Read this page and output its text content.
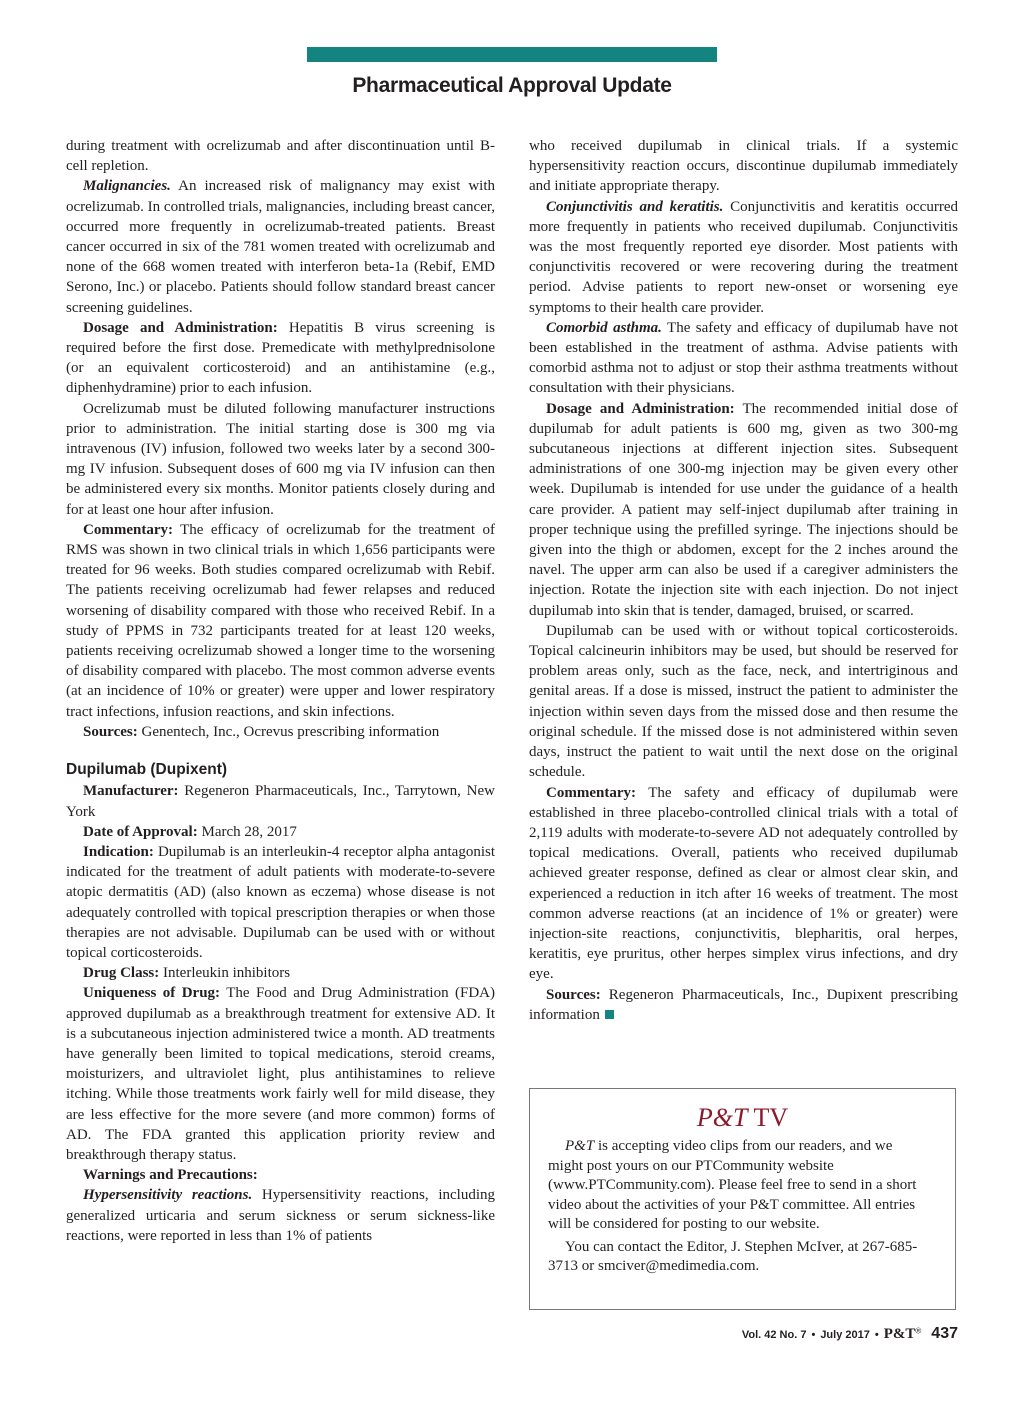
Pharmaceutical Approval Update

during treatment with ocrelizumab and after discontinuation until B-cell repletion.

Malignancies. An increased risk of malignancy may exist with ocrelizumab. In controlled trials, malignancies, including breast cancer, occurred more frequently in ocrelizumab-treated patients. Breast cancer occurred in six of the 781 women treated with ocrelizumab and none of the 668 women treated with interferon beta-1a (Rebif, EMD Serono, Inc.) or placebo. Patients should follow standard breast cancer screening guidelines.

Dosage and Administration: Hepatitis B virus screening is required before the first dose. Premedicate with methylprednisolone (or an equivalent corticosteroid) and an antihistamine (e.g., diphenhydramine) prior to each infusion.

Ocrelizumab must be diluted following manufacturer instructions prior to administration. The initial starting dose is 300 mg via intravenous (IV) infusion, followed two weeks later by a second 300-mg IV infusion. Subsequent doses of 600 mg via IV infusion can then be administered every six months. Monitor patients closely during and for at least one hour after infusion.

Commentary: The efficacy of ocrelizumab for the treatment of RMS was shown in two clinical trials in which 1,656 participants were treated for 96 weeks. Both studies compared ocrelizumab with Rebif. The patients receiving ocrelizumab had fewer relapses and reduced worsening of disability compared with those who received Rebif. In a study of PPMS in 732 participants treated for at least 120 weeks, patients receiving ocrelizumab showed a longer time to the worsening of disability compared with placebo. The most common adverse events (at an incidence of 10% or greater) were upper and lower respiratory tract infections, infusion reactions, and skin infections.

Sources: Genentech, Inc., Ocrevus prescribing information

Dupilumab (Dupixent)

Manufacturer: Regeneron Pharmaceuticals, Inc., Tarrytown, New York

Date of Approval: March 28, 2017

Indication: Dupilumab is an interleukin-4 receptor alpha antagonist indicated for the treatment of adult patients with moderate-to-severe atopic dermatitis (AD) (also known as eczema) whose disease is not adequately controlled with topical prescription therapies or when those therapies are not advisable. Dupilumab can be used with or without topical corticosteroids.

Drug Class: Interleukin inhibitors

Uniqueness of Drug: The Food and Drug Administration (FDA) approved dupilumab as a breakthrough treatment for extensive AD. It is a subcutaneous injection administered twice a month. AD treatments have generally been limited to topical medications, steroid creams, moisturizers, and ultraviolet light, plus antihistamines to relieve itching. While those treatments work fairly well for mild disease, they are less effective for the more severe (and more common) forms of AD. The FDA granted this application priority review and breakthrough therapy status.

Warnings and Precautions:

Hypersensitivity reactions. Hypersensitivity reactions, including generalized urticaria and serum sickness or serum sickness-like reactions, were reported in less than 1% of patients

who received dupilumab in clinical trials. If a systemic hypersensitivity reaction occurs, discontinue dupilumab immediately and initiate appropriate therapy.

Conjunctivitis and keratitis. Conjunctivitis and keratitis occurred more frequently in patients who received dupilumab. Conjunctivitis was the most frequently reported eye disorder. Most patients with conjunctivitis recovered or were recovering during the treatment period. Advise patients to report new-onset or worsening eye symptoms to their health care provider.

Comorbid asthma. The safety and efficacy of dupilumab have not been established in the treatment of asthma. Advise patients with comorbid asthma not to adjust or stop their asthma treatments without consultation with their physicians.

Dosage and Administration: The recommended initial dose of dupilumab for adult patients is 600 mg, given as two 300-mg subcutaneous injections at different injection sites. Subsequent administrations of one 300-mg injection may be given every other week. Dupilumab is intended for use under the guidance of a health care provider. A patient may self-inject dupilumab after training in proper technique using the prefilled syringe. The injections should be given into the thigh or abdomen, except for the 2 inches around the navel. The upper arm can also be used if a caregiver administers the injection. Rotate the injection site with each injection. Do not inject dupilumab into skin that is tender, damaged, bruised, or scarred.

Dupilumab can be used with or without topical corticosteroids. Topical calcineurin inhibitors may be used, but should be reserved for problem areas only, such as the face, neck, and intertriginous and genital areas. If a dose is missed, instruct the patient to administer the injection within seven days from the missed dose and then resume the original schedule. If the missed dose is not administered within seven days, instruct the patient to wait until the next dose on the original schedule.

Commentary: The safety and efficacy of dupilumab were established in three placebo-controlled clinical trials with a total of 2,119 adults with moderate-to-severe AD not adequately controlled by topical medications. Overall, patients who received dupilumab achieved greater response, defined as clear or almost clear skin, and experienced a reduction in itch after 16 weeks of treatment. The most common adverse reactions (at an incidence of 1% or greater) were injection-site reactions, conjunctivitis, blepharitis, oral herpes, keratitis, eye pruritus, other herpes simplex virus infections, and dry eye.

Sources: Regeneron Pharmaceuticals, Inc., Dupixent prescribing information

P&T TV

P&T is accepting video clips from our readers, and we might post yours on our PTCommunity website (www.PTCommunity.com). Please feel free to send in a short video about the activities of your P&T committee. All entries will be considered for posting to our website.

You can contact the Editor, J. Stephen McIver, at 267-685-3713 or smciver@medimedia.com.

Vol. 42 No. 7 • July 2017 • P&T® 437
